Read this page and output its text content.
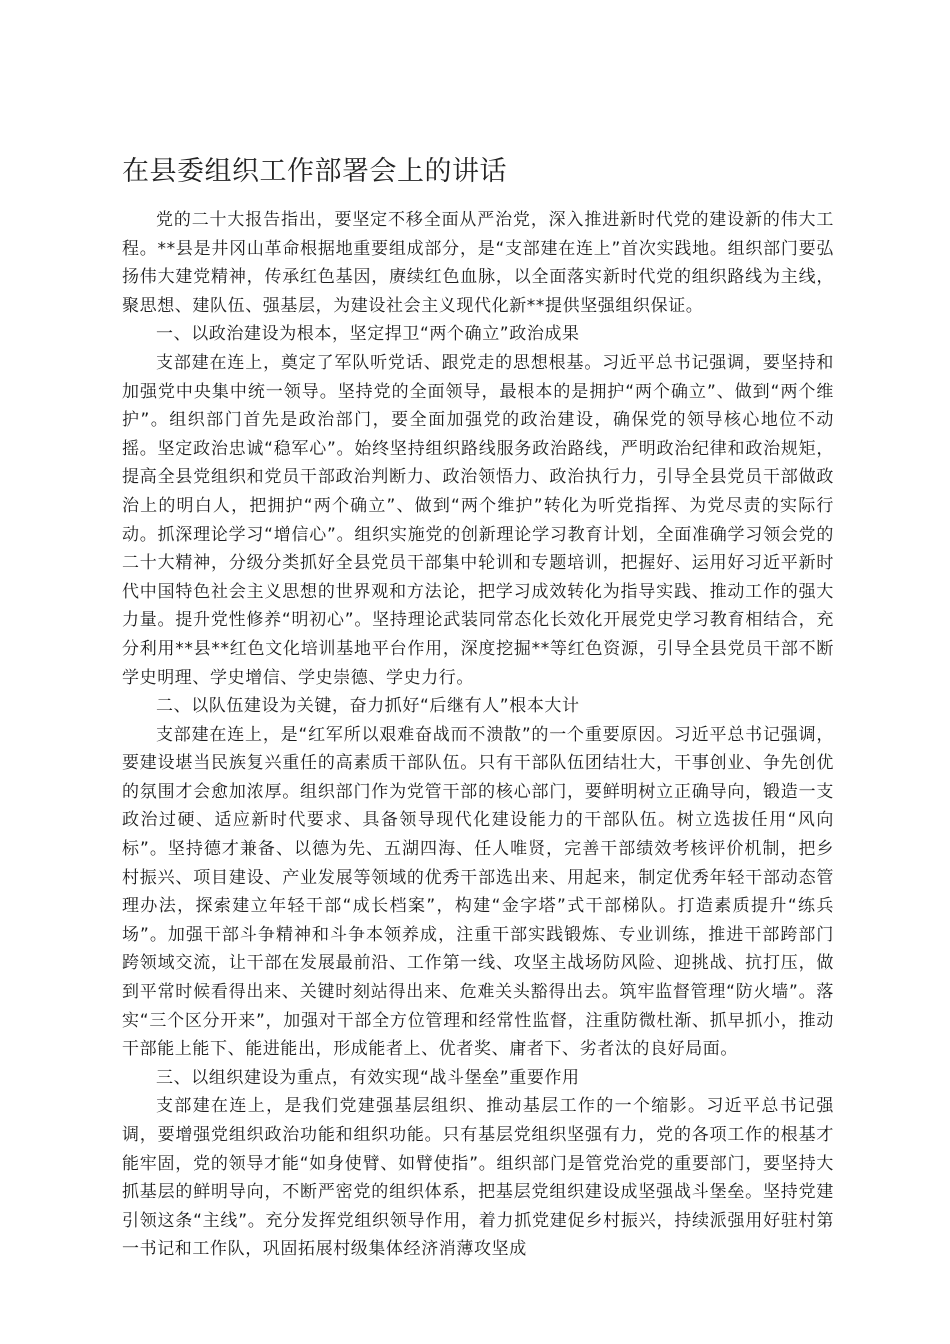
在县委组织工作部署会上的讲话

党的二十大报告指出，要坚定不移全面从严治党，深入推进新时代党的建设新的伟大工程。**县是井冈山革命根据地重要组成部分，是“支部建在连上”首次实践地。组织部门要弘扬伟大建党精神，传承红色基因，赓续红色血脉，以全面落实新时代党的组织路线为主线，聚思想、建队伍、强基层，为建设社会主义现代化新**提供坚强组织保证。

一、以政治建设为根本，坚定捍卫“两个确立”政治成果

支部建在连上，奠定了军队听党话、跟党走的思想根基。习近平总书记强调，要坚持和加强党中央集中统一领导。坚持党的全面领导，最根本的是拥护“两个确立”、做到“两个维护”。组织部门首先是政治部门，要全面加强党的政治建设，确保党的领导核心地位不动摇。坚定政治忠诚“稳军心”。始终坚持组织路线服务政治路线，严明政治纪律和政治规矩，提高全县党组织和党员干部政治判断力、政治领悟力、政治执行力，引导全县党员干部做政治上的明白人，把拥护“两个确立”、做到“两个维护”转化为听党指挥、为党尽责的实际行动。抓深理论学习“增信心”。组织实施党的创新理论学习教育计划，全面准确学习领会党的二十大精神，分级分类抓好全县党员干部集中轮训和专题培训，把握好、运用好习近平新时代中国特色社会主义思想的世界观和方法论，把学习成效转化为指导实践、推动工作的强大力量。提升党性修养“明初心”。坚持理论武装同常态化长效化开展党史学习教育相结合，充分利用**县**红色文化培训基地平台作用，深度挖掘**等红色资源，引导全县党员干部不断学史明理、学史增信、学史崇德、学史力行。

二、以队伍建设为关键，奋力抓好“后继有人”根本大计

支部建在连上，是“红军所以艰难奋战而不溃散”的一个重要原因。习近平总书记强调，要建设堪当民族复兴重任的高素质干部队伍。只有干部队伍团结壮大，干事创业、争先创优的氛围才会愈加浓厚。组织部门作为党管干部的核心部门，要鲜明树立正确导向，锻造一支政治过硬、适应新时代要求、具备领导现代化建设能力的干部队伍。树立选拔任用“风向标”。坚持德才兼备、以德为先、五湖四海、任人唯贤，完善干部绩效考核评价机制，把乡村振兴、项目建设、产业发展等领域的优秀干部选出来、用起来，制定优秀年轻干部动态管理办法，探索建立年轻干部“成长档案”，构建“金字塔”式干部梯队。打造素质提升“练兵场”。加强干部斗争精神和斗争本领养成，注重干部实践锻炼、专业训练，推进干部跨部门跨领域交流，让干部在发展最前沿、工作第一线、攻坚主战场防风险、迎挑战、抗打压，做到平常时候看得出来、关键时刻站得出来、危难关头豁得出去。筑牢监督管理“防火墙”。落实“三个区分开来”，加强对干部全方位管理和经常性监督，注重防微杜渐、抓早抓小，推动干部能上能下、能进能出，形成能者上、优者奖、庸者下、劣者汰的良好局面。

三、以组织建设为重点，有效实现“战斗堡垒”重要作用

支部建在连上，是我们党建强基层组织、推动基层工作的一个缩影。习近平总书记强调，要增强党组织政治功能和组织功能。只有基层党组织坚强有力，党的各项工作的根基才能牢固，党的领导才能“如身使臂、如臂使指”。组织部门是管党治党的重要部门，要坚持大抓基层的鲜明导向，不断严密党的组织体系，把基层党组织建设成坚强战斗堡垒。坚持党建引领这条“主线”。充分发挥党组织领导作用，着力抓党建促乡村振兴，持续派强用好驻村第一书记和工作队，巩固拓展村级集体经济消薄攻坚成
